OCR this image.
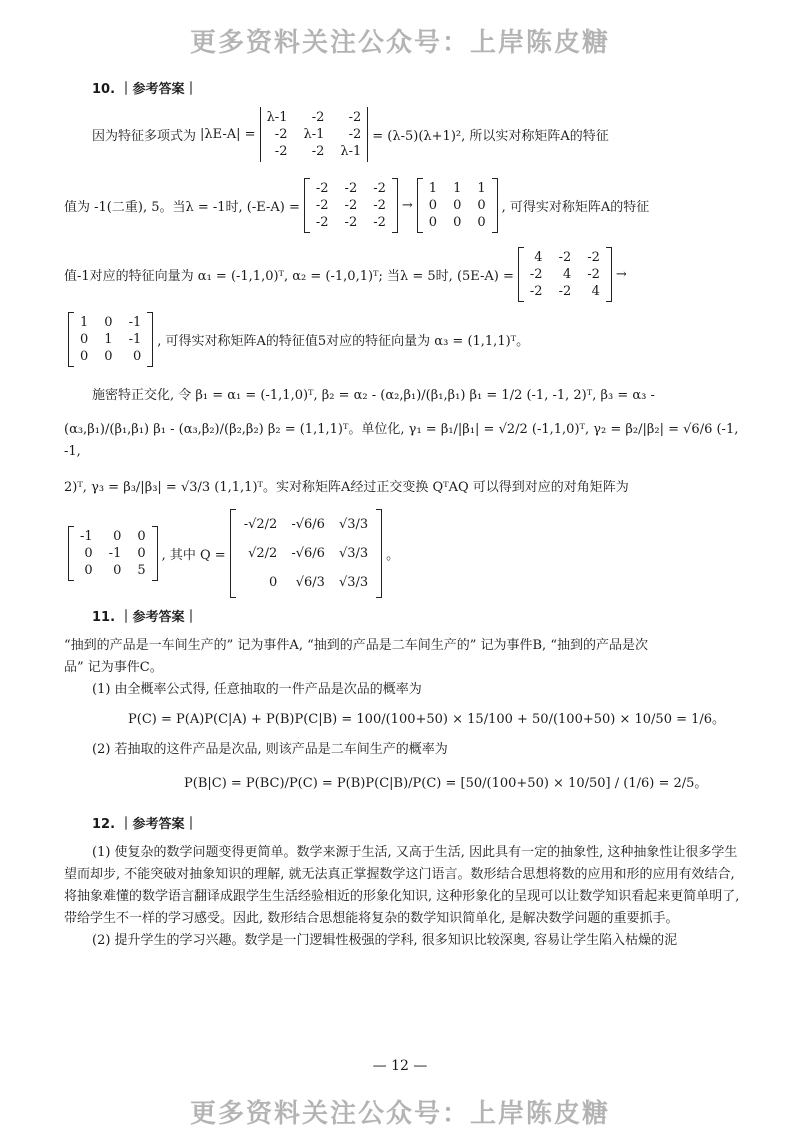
更多资料关注公众号：上岸陈皮糖
10. ｜参考答案｜
因为特征多项式为 |λE-A| =
λ-1	-2	-2
-2 λ-1	-2
-2	-2 λ-1
= (λ-5)(λ+1)², 所以实对称矩阵A的特征
值为 -1(二重), 5。当λ = -1时, (-E-A) =
-2 -2 -2
-2 -2 -2
-2 -2 -2
→
1 1 1
0 0 0
0 0 0
, 可得实对称矩阵A的特征
值-1对应的特征向量为 α₁ = (-1,1,0)ᵀ, α₂ = (-1,0,1)ᵀ; 当λ = 5时, (5E-A) =
4 -2 -2
-2	4 -2
-2 -2	4
→
1 0 -1
0 1 -1
0 0	0
, 可得实对称矩阵A的特征值5对应的特征向量为 α₃ = (1,1,1)ᵀ。

施密特正交化, 令 β₁ = α₁ = (-1,1,0)ᵀ, β₂ = α₂ - (α₂,β₁)/(β₁,β₁) β₁ = 1/2 (-1, -1, 2)ᵀ, β₃ = α₃ -

(α₃,β₁)/(β₁,β₁) β₁ - (α₃,β₂)/(β₂,β₂) β₂ = (1,1,1)ᵀ。单位化, γ₁ = β₁/|β₁| = √2/2 (-1,1,0)ᵀ, γ₂ = β₂/|β₂| = √6/6 (-1, -1,

2)ᵀ, γ₃ = β₃/|β₃| = √3/3 (1,1,1)ᵀ。实对称矩阵A经过正交变换 QᵀAQ 可以得到对应的对角矩阵为

-1	0 0
0 -1 0
0	0 5
, 其中 Q =
-√2/2 -√6/6 √3/3
√2/2 -√6/6 √3/3
0	√6/3 √3/3
。
11. ｜参考答案｜

“抽到的产品是一车间生产的” 记为事件A, “抽到的产品是二车间生产的” 记为事件B, “抽到的产品是次

品” 记为事件C。

(1) 由全概率公式得, 任意抽取的一件产品是次品的概率为

P(C) = P(A)P(C|A) + P(B)P(C|B) = 100/(100+50) × 15/100 + 50/(100+50) × 10/50 = 1/6。

(2) 若抽取的这件产品是次品, 则该产品是二车间生产的概率为

P(B|C) = P(BC)/P(C) = P(B)P(C|B)/P(C) = [50/(100+50) × 10/50] / (1/6) = 2/5。

12. ｜参考答案｜

(1) 使复杂的数学问题变得更简单。数学来源于生活, 又高于生活, 因此具有一定的抽象性, 这种抽象性让很多学生望而却步, 不能突破对抽象知识的理解, 就无法真正掌握数学这门语言。数形结合思想将数的应用和形的应用有效结合, 将抽象难懂的数学语言翻译成跟学生生活经验相近的形象化知识, 这种形象化的呈现可以让数学知识看起来更简单明了, 带给学生不一样的学习感受。因此, 数形结合思想能将复杂的数学知识简单化, 是解决数学问题的重要抓手。

(2) 提升学生的学习兴趣。数学是一门逻辑性极强的学科, 很多知识比较深奥, 容易让学生陷入枯燥的泥

— 12 —
更多资料关注公众号：上岸陈皮糖
